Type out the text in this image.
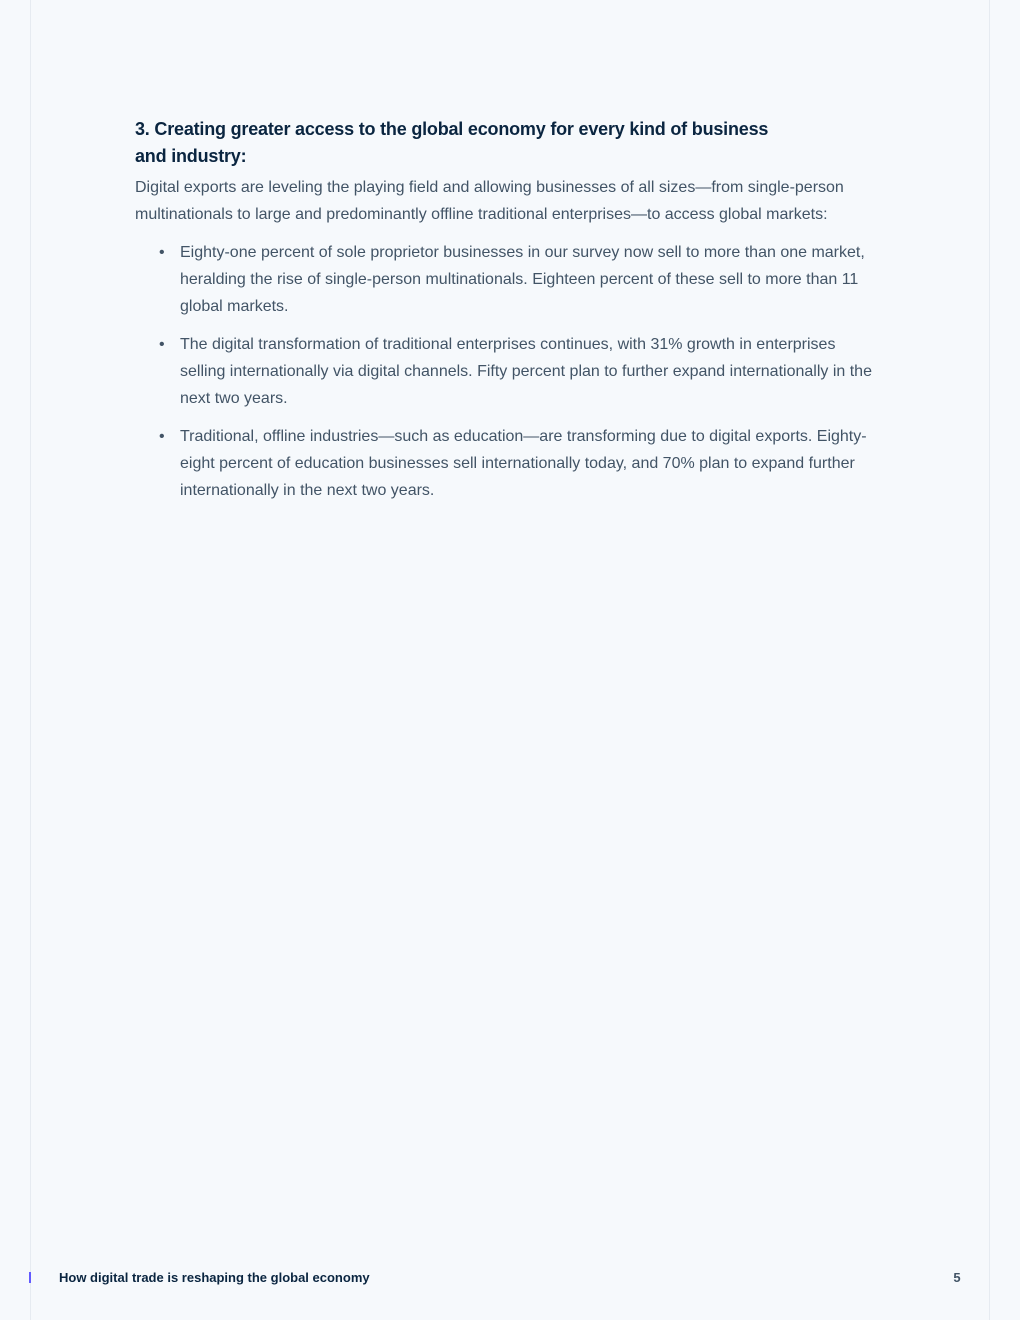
3. Creating greater access to the global economy for every kind of business and industry:

Digital exports are leveling the playing field and allowing businesses of all sizes—from single-person multinationals to large and predominantly offline traditional enterprises—to access global markets:

• Eighty-one percent of sole proprietor businesses in our survey now sell to more than one market, heralding the rise of single-person multinationals. Eighteen percent of these sell to more than 11 global markets.
• The digital transformation of traditional enterprises continues, with 31% growth in enterprises selling internationally via digital channels. Fifty percent plan to further expand internationally in the next two years.
• Traditional, offline industries—such as education—are transforming due to digital exports. Eighty-eight percent of education businesses sell internationally today, and 70% plan to expand further internationally in the next two years.
How digital trade is reshaping the global economy	5
